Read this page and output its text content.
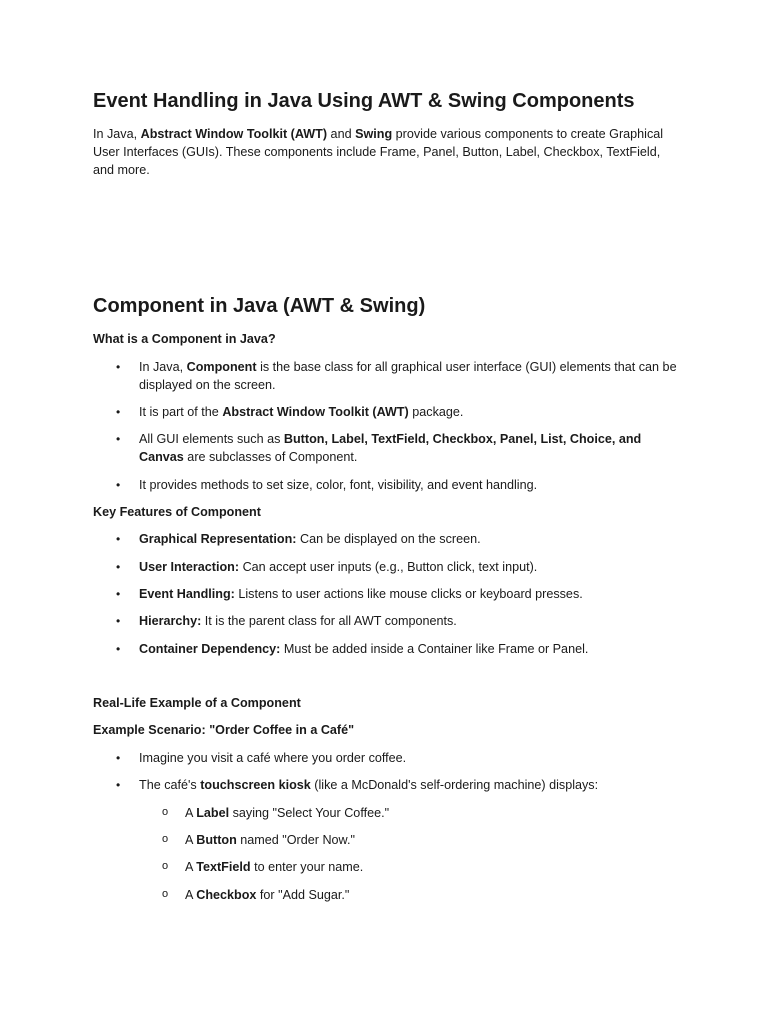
Event Handling in Java Using AWT & Swing Components

In Java, Abstract Window Toolkit (AWT) and Swing provide various components to create Graphical User Interfaces (GUIs). These components include Frame, Panel, Button, Label, Checkbox, TextField, and more.

Component in Java (AWT & Swing)

What is a Component in Java?

• In Java, Component is the base class for all graphical user interface (GUI) elements that can be displayed on the screen.

• It is part of the Abstract Window Toolkit (AWT) package.

• All GUI elements such as Button, Label, TextField, Checkbox, Panel, List, Choice, and Canvas are subclasses of Component.

• It provides methods to set size, color, font, visibility, and event handling.

Key Features of Component

• Graphical Representation: Can be displayed on the screen.

• User Interaction: Can accept user inputs (e.g., Button click, text input).

• Event Handling: Listens to user actions like mouse clicks or keyboard presses.

• Hierarchy: It is the parent class for all AWT components.

• Container Dependency: Must be added inside a Container like Frame or Panel.

Real-Life Example of a Component

Example Scenario: "Order Coffee in a Café"

• Imagine you visit a café where you order coffee.

• The café's touchscreen kiosk (like a McDonald's self-ordering machine) displays:

o A Label saying "Select Your Coffee."

o A Button named "Order Now."

o A TextField to enter your name.

o A Checkbox for "Add Sugar."
